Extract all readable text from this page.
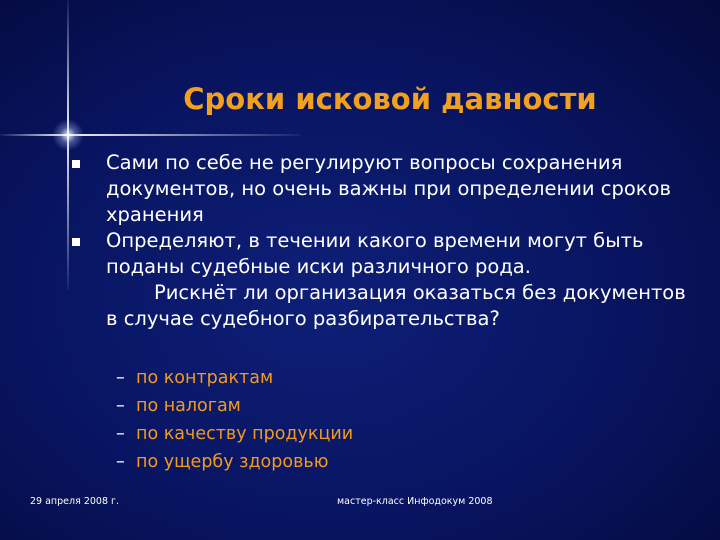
Сроки исковой давности
Сами по себе не регулируют вопросы сохранения
документов, но очень важны при определении сроков
хранения
Определяют, в течении какого времени могут быть
поданы судебные иски различного рода.
Рискнёт ли организация оказаться без документов
в случае судебного разбирательства?
– по контрактам
– по налогам
– по качеству продукции
– по ущербу здоровью
29 апреля 2008 г.	мастер-класс Инфодокум 2008
